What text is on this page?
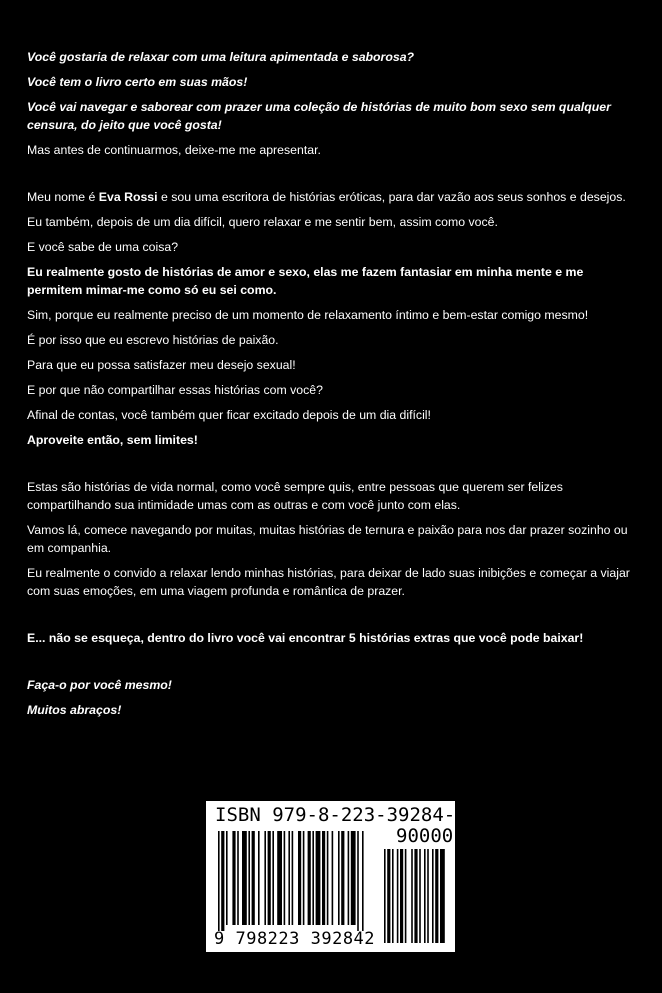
Você gostaria de relaxar com uma leitura apimentada e saborosa?

Você tem o livro certo em suas mãos!

Você vai navegar e saborear com prazer uma coleção de histórias de muito bom sexo sem qualquer censura, do jeito que você gosta!

Mas antes de continuarmos, deixe-me me apresentar.

Meu nome é Eva Rossi e sou uma escritora de histórias eróticas, para dar vazão aos seus sonhos e desejos.

Eu também, depois de um dia difícil, quero relaxar e me sentir bem, assim como você.

E você sabe de uma coisa?

Eu realmente gosto de histórias de amor e sexo, elas me fazem fantasiar em minha mente e me permitem mimar-me como só eu sei como.

Sim, porque eu realmente preciso de um momento de relaxamento íntimo e bem-estar comigo mesmo!

É por isso que eu escrevo histórias de paixão.

Para que eu possa satisfazer meu desejo sexual!

E por que não compartilhar essas histórias com você?

Afinal de contas, você também quer ficar excitado depois de um dia difícil!

Aproveite então, sem limites!

Estas são histórias de vida normal, como você sempre quis, entre pessoas que querem ser felizes compartilhando sua intimidade umas com as outras e com você junto com elas.

Vamos lá, comece navegando por muitas, muitas histórias de ternura e paixão para nos dar prazer sozinho ou em companhia.

Eu realmente o convido a relaxar lendo minhas histórias, para deixar de lado suas inibições e começar a viajar com suas emoções, em uma viagem profunda e romântica de prazer.

E... não se esqueça, dentro do livro você vai encontrar 5 histórias extras que você pode baixar!

Faça-o por você mesmo!

Muitos abraços!

ISBN 979-8-223-39284-2
90000
9 798223 392842
